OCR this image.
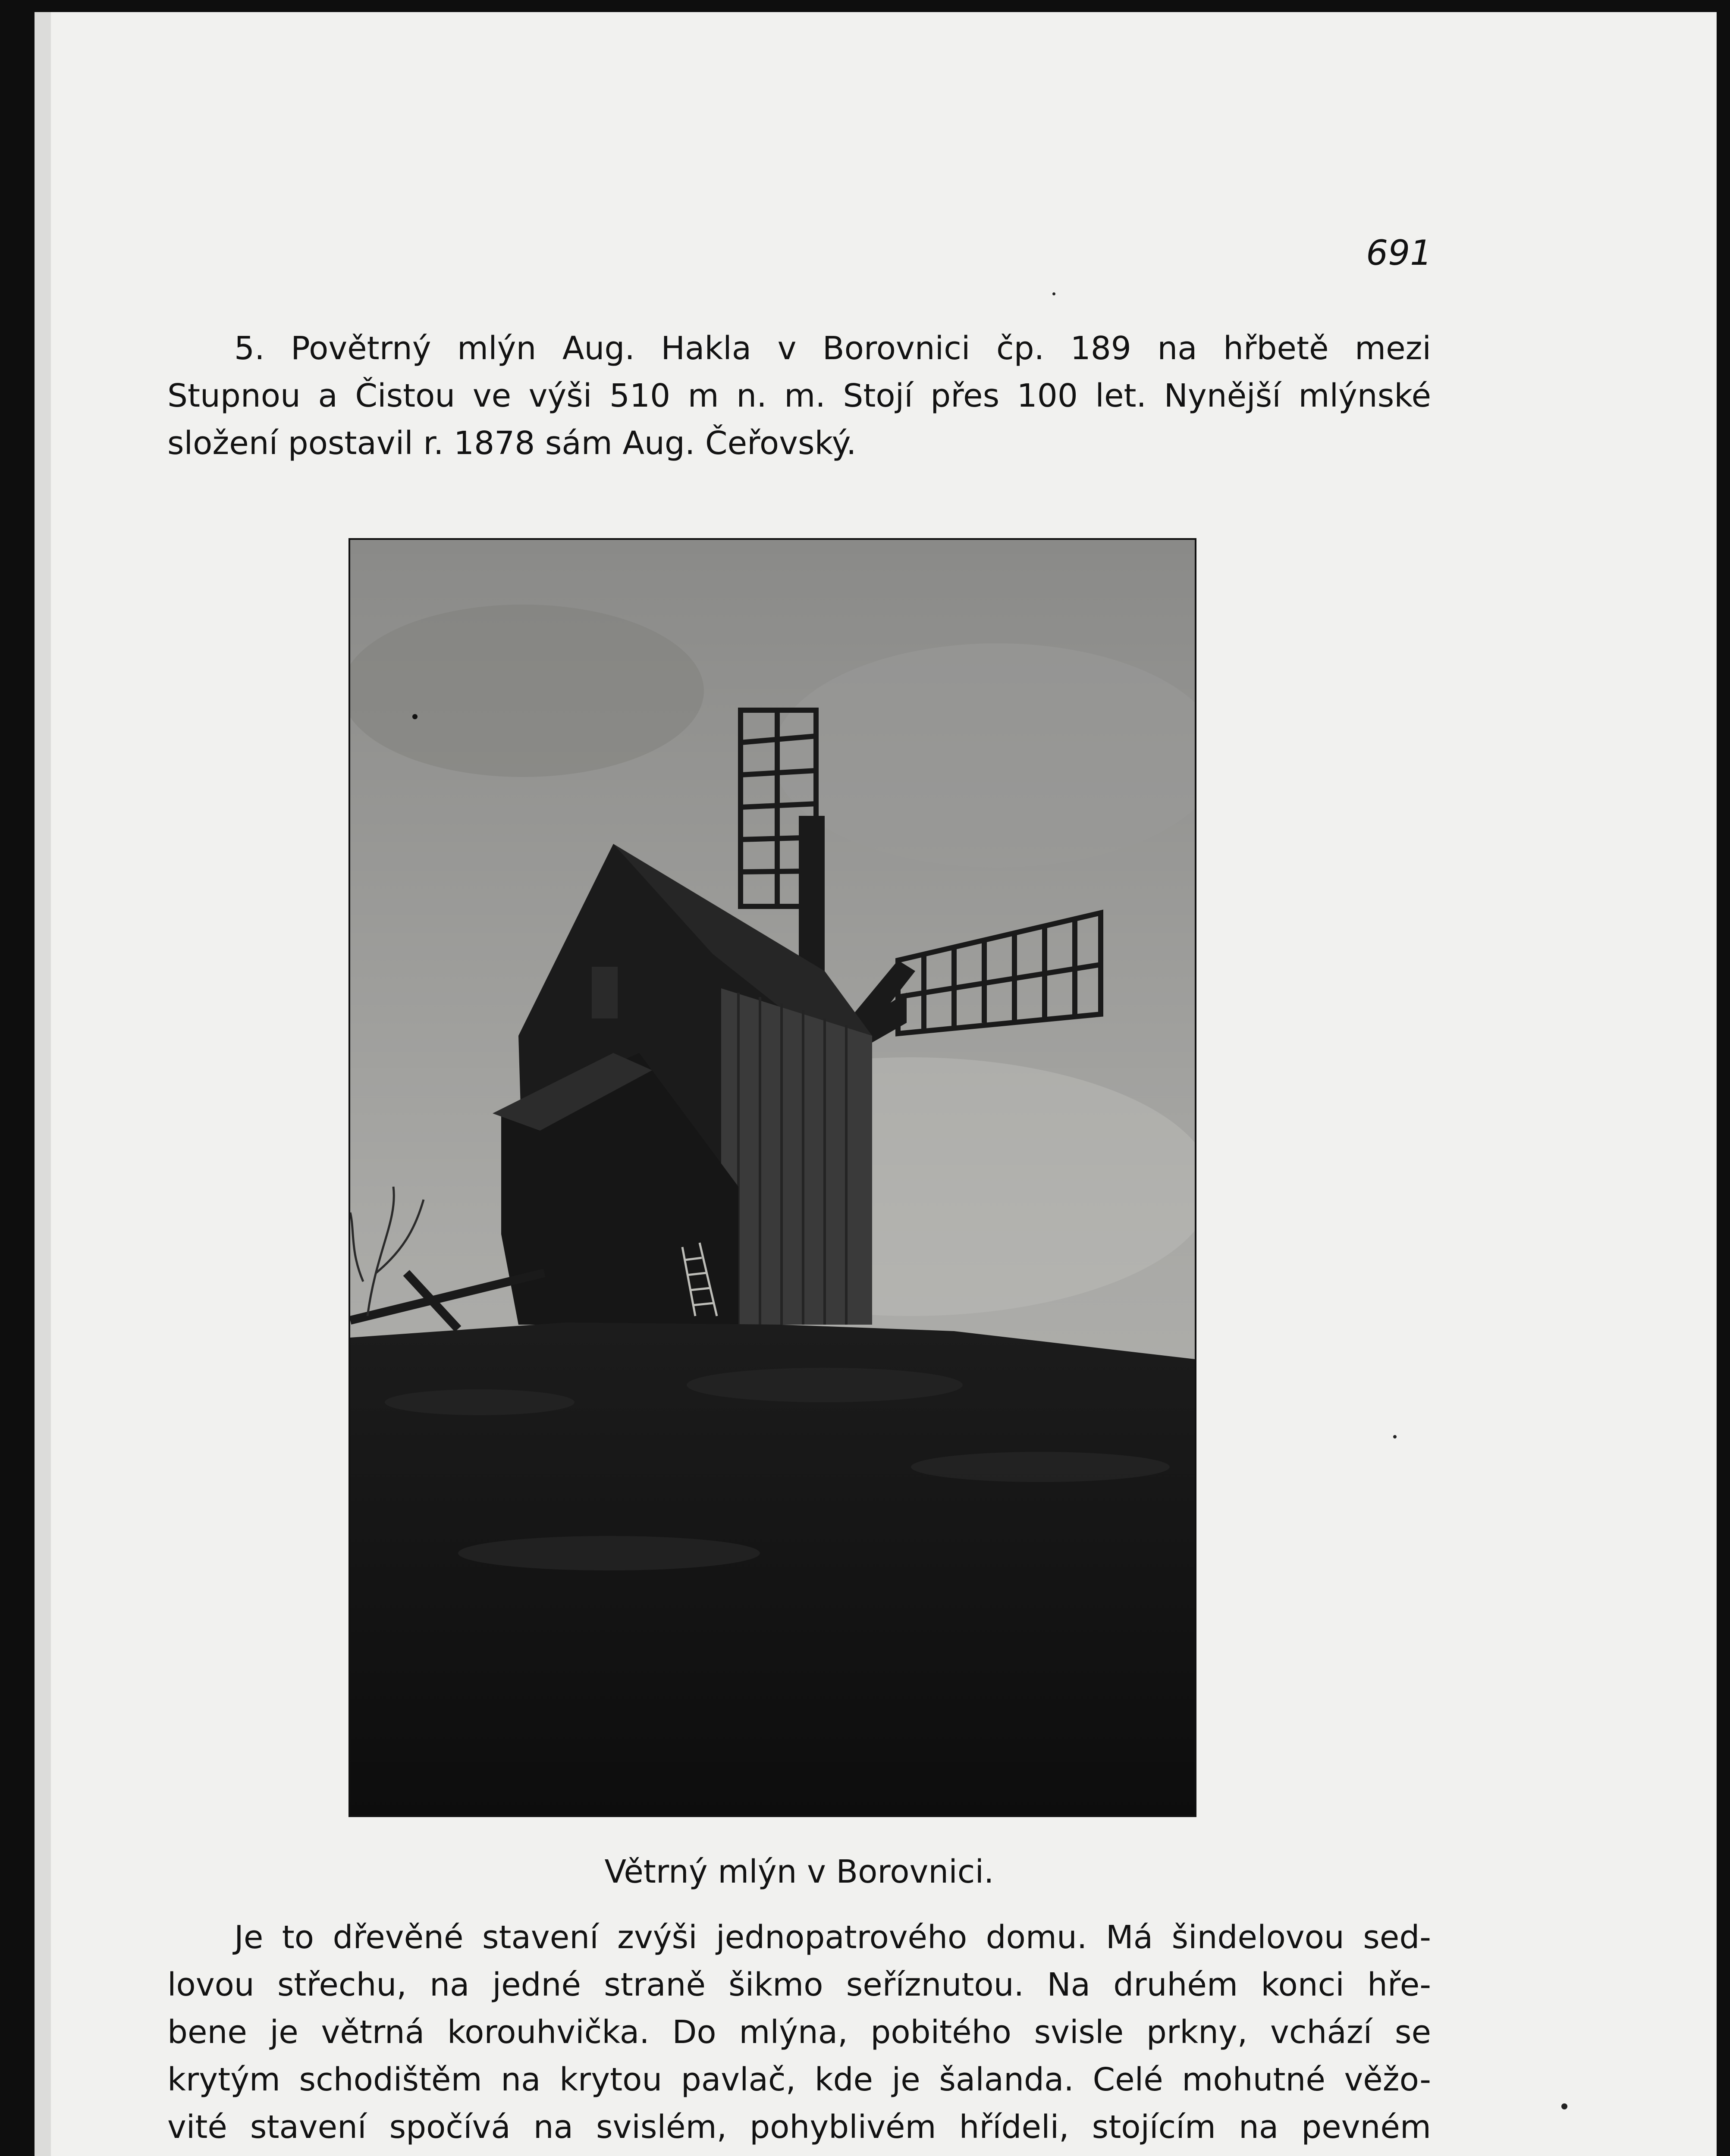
691
5. Povětrný mlýn Aug. Hakla v Borovnici čp. 189 na hřbetě mezi
Stupnou a Čistou ve výši 510 m n. m. Stojí přes 100 let. Nynější mlýnské
složení postavil r. 1878 sám Aug. Čeřovský.
Větrný mlýn v Borovnici.
Je to dřevěné stavení zvýši jednopatrového domu. Má šindelovou sed-
lovou střechu, na jedné straně šikmo seříznutou. Na druhém konci hře-
bene je větrná korouhvička. Do mlýna, pobitého svisle prkny, vchází se
krytým schodištěm na krytou pavlač, kde je šalanda. Celé mohutné věžo-
vité stavení spočívá na svislém, pohyblivém hřídeli, stojícím na pevném
